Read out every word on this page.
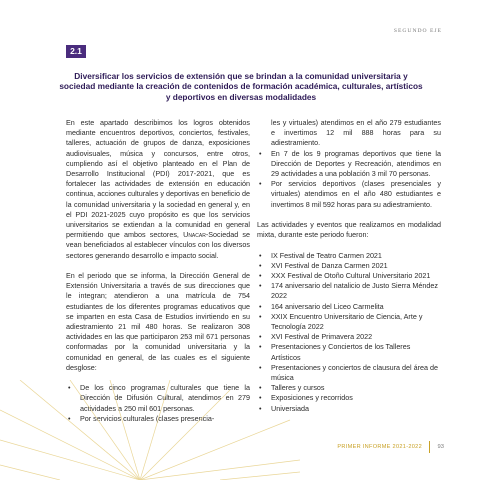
SEGUNDO EJE
2.1
Diversificar los servicios de extensión que se brindan a la comunidad universitaria y sociedad mediante la creación de contenidos de formación académica, culturales, artísticos y deportivos en diversas modalidades

En este apartado describimos los logros obtenidos mediante encuentros deportivos, conciertos, festivales, talleres, actuación de grupos de danza, exposiciones audiovisuales, música y concursos, entre otros, cumpliendo así el objetivo planteado en el Plan de Desarrollo Institucional (PDI) 2017-2021, que es fortalecer las actividades de extensión en educación continua, acciones culturales y deportivas en beneficio de la comunidad universitaria y la sociedad en general y, en el PDI 2021-2025 cuyo propósito es que los servicios universitarios se extiendan a la comunidad en general permitiendo que ambos sectores, Unacar-Sociedad se vean beneficiados al establecer vínculos con los diversos sectores generando desarrollo e impacto social.

En el periodo que se informa, la Dirección General de Extensión Universitaria a través de sus direcciones que le integran; atendieron a una matrícula de 754 estudiantes de los diferentes programas educativos que se imparten en esta Casa de Estudios invirtiendo en su adiestramiento 21 mil 480 horas. Se realizaron 308 actividades en las que participaron 253 mil 671 personas conformadas por la comunidad universitaria y la comunidad en general, de las cuales es el siguiente desglose:

• De los cinco programas culturales que tiene la Dirección de Difusión Cultural, atendimos en 279 actividades a 250 mil 601 personas.
• Por servicios culturales (clases presencia-
les y virtuales) atendimos en el año 279 estudiantes e invertimos 12 mil 888 horas para su adiestramiento.
• En 7 de los 9 programas deportivos que tiene la Dirección de Deportes y Recreación, atendimos en 29 actividades a una población 3 mil 70 personas.
• Por servicios deportivos (clases presenciales y virtuales) atendimos en el año 480 estudiantes e invertimos 8 mil 592 horas para su adiestramiento.

Las actividades y eventos que realizamos en modalidad mixta, durante este periodo fueron:

• IX Festival de Teatro Carmen 2021
• XVI Festival de Danza Carmen 2021
• XXX Festival de Otoño Cultural Universitario 2021
• 174 aniversario del natalicio de Justo Sierra Méndez 2022
• 164 aniversario del Liceo Carmelita
• XXIX Encuentro Universitario de Ciencia, Arte y Tecnología 2022
• XVI Festival de Primavera 2022
• Presentaciones y Conciertos de los Talleres Artísticos
• Presentaciones y conciertos de clausura del área de música
• Talleres y cursos
• Exposiciones y recorridos
• Universiada
PRIMER INFORME 2021-2022	93
